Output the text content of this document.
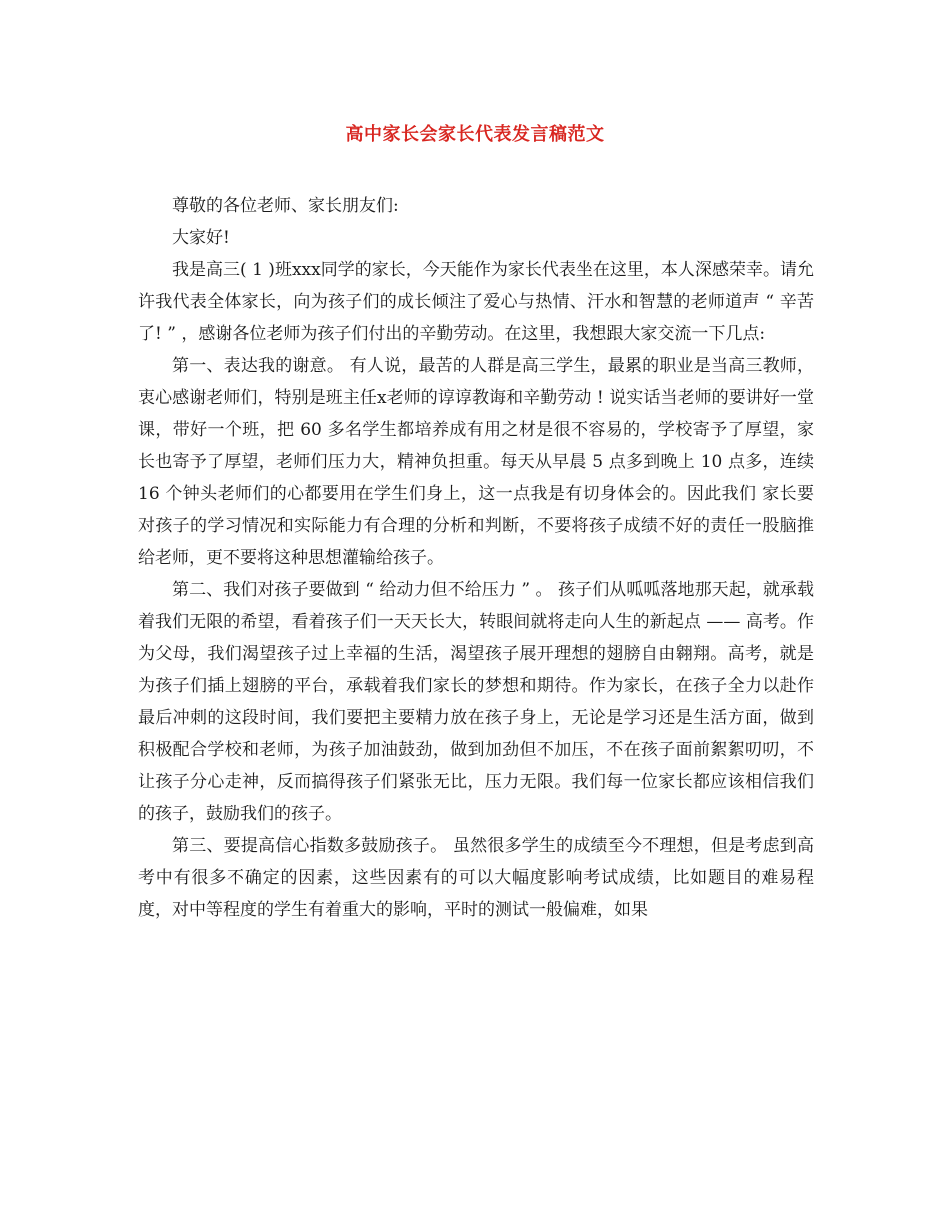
高中家长会家长代表发言稿范文

尊敬的各位老师、家长朋友们:

大家好!

我是高三( 1 )班xxx同学的家长，今天能作为家长代表坐在这里，本人深感荣幸。请允许我代表全体家长，向为孩子们的成长倾注了爱心与热情、汗水和智慧的老师道声 “ 辛苦了! ” ，感谢各位老师为孩子们付出的辛勤劳动。在这里，我想跟大家交流一下几点:

第一、表达我的谢意。 有人说，最苦的人群是高三学生，最累的职业是当高三教师，衷心感谢老师们，特别是班主任x老师的谆谆教诲和辛勤劳动 ! 说实话当老师的要讲好一堂课，带好一个班，把 60 多名学生都培养成有用之材是很不容易的，学校寄予了厚望，家长也寄予了厚望，老师们压力大，精神负担重。每天从早晨 5 点多到晚上 10 点多，连续 16 个钟头老师们的心都要用在学生们身上，这一点我是有切身体会的。因此我们 家长要对孩子的学习情况和实际能力有合理的分析和判断，不要将孩子成绩不好的责任一股脑推给老师，更不要将这种思想灌输给孩子。

第二、我们对孩子要做到 “ 给动力但不给压力 ” 。 孩子们从呱呱落地那天起，就承载着我们无限的希望，看着孩子们一天天长大，转眼间就将走向人生的新起点 —— 高考。作为父母，我们渴望孩子过上幸福的生活，渴望孩子展开理想的翅膀自由翱翔。高考，就是为孩子们插上翅膀的平台，承载着我们家长的梦想和期待。作为家长，在孩子全力以赴作最后冲刺的这段时间，我们要把主要精力放在孩子身上，无论是学习还是生活方面，做到积极配合学校和老师，为孩子加油鼓劲，做到加劲但不加压，不在孩子面前絮絮叨叨，不让孩子分心走神，反而搞得孩子们紧张无比，压力无限。我们每一位家长都应该相信我们的孩子，鼓励我们的孩子。

第三、要提高信心指数多鼓励孩子。 虽然很多学生的成绩至今不理想，但是考虑到高考中有很多不确定的因素，这些因素有的可以大幅度影响考试成绩，比如题目的难易程度，对中等程度的学生有着重大的影响，平时的测试一般偏难，如果
